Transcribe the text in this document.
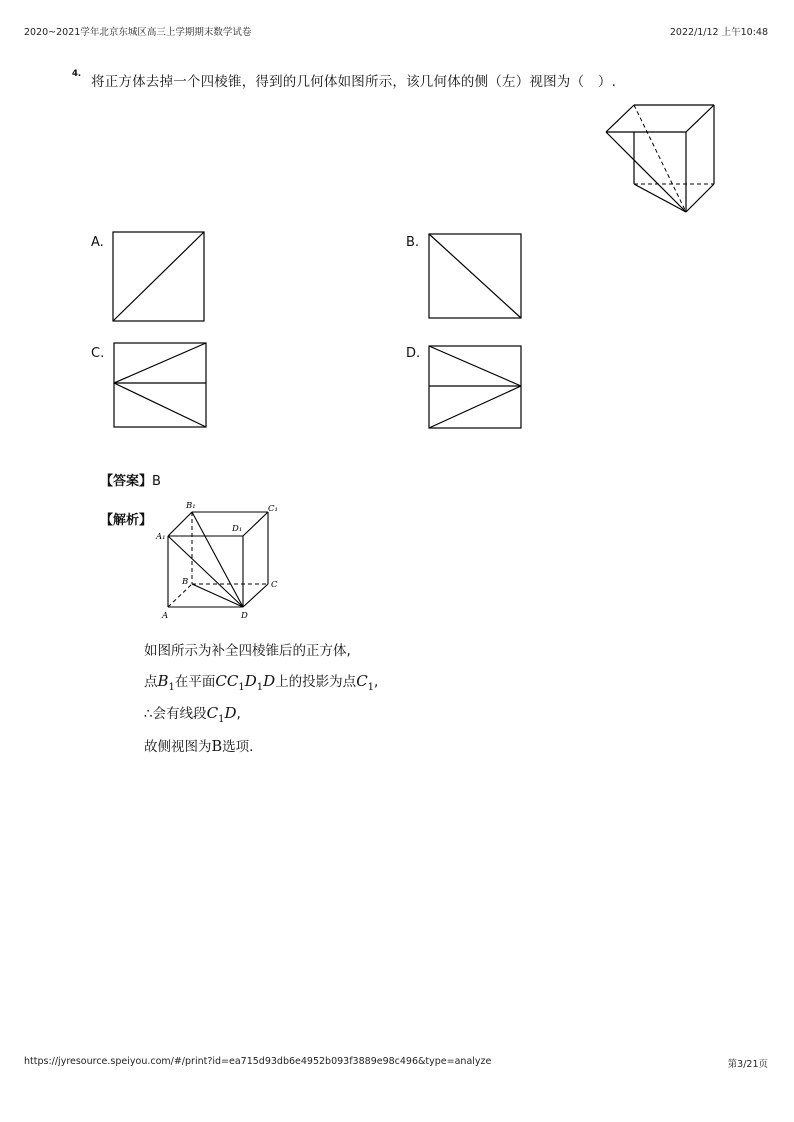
2020~2021学年北京东城区高三上学期期末数学试卷	2022/1/12 上午10:48
4. 将正方体去掉一个四棱锥，得到的几何体如图所示，该几何体的侧（左）视图为（　）.
A.	B.
C.	D.
【答案】B
【解析】
B₁
D₁
C₁
A₁
B	C
A	D
如图所示为补全四棱锥后的正方体,
点$B_1$在平面$CC_1D_1D$上的投影为点$C_1$,
∴会有线段$C_1D$,
故侧视图为B选项.
https://jyresource.speiyou.com/#/print?id=ea715d93db6e4952b093f3889e98c496&type=analyze	第3/21页
